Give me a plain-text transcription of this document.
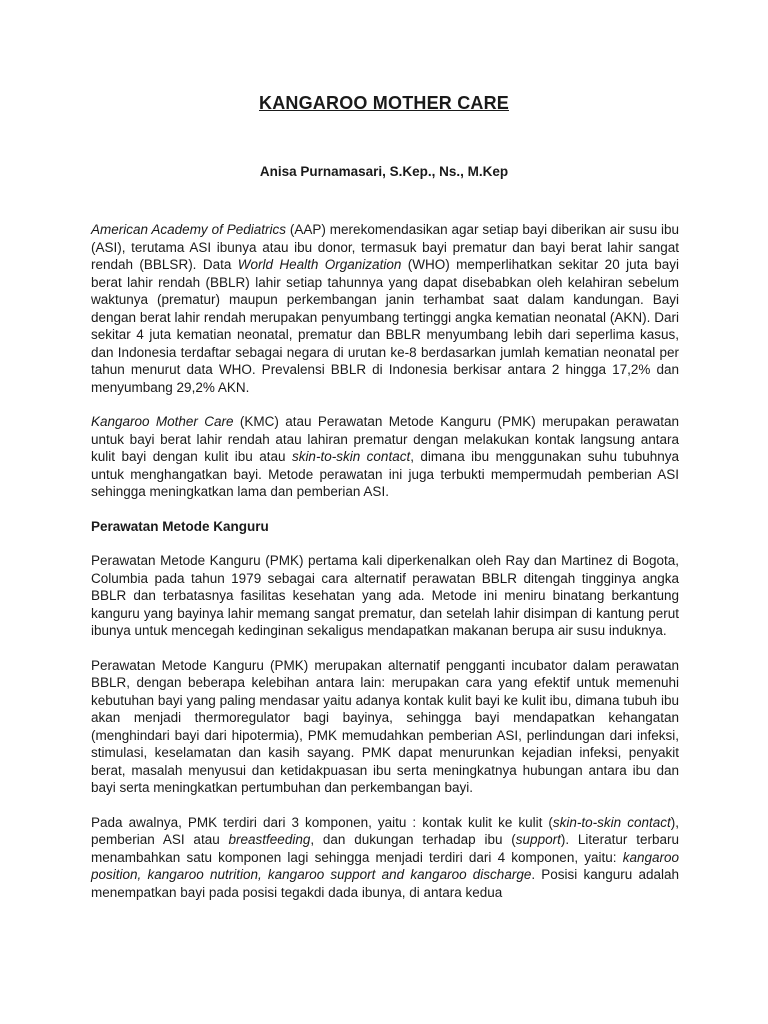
KANGAROO MOTHER CARE
Anisa Purnamasari, S.Kep., Ns., M.Kep

American Academy of Pediatrics (AAP) merekomendasikan agar setiap bayi diberikan air susu ibu (ASI), terutama ASI ibunya atau ibu donor, termasuk bayi prematur dan bayi berat lahir sangat rendah (BBLSR). Data World Health Organization (WHO) memperlihatkan sekitar 20 juta bayi berat lahir rendah (BBLR) lahir setiap tahunnya yang dapat disebabkan oleh kelahiran sebelum waktunya (prematur) maupun perkembangan janin terhambat saat dalam kandungan. Bayi dengan berat lahir rendah merupakan penyumbang tertinggi angka kematian neonatal (AKN). Dari sekitar 4 juta kematian neonatal, prematur dan BBLR menyumbang lebih dari seperlima kasus, dan Indonesia terdaftar sebagai negara di urutan ke-8 berdasarkan jumlah kematian neonatal per tahun menurut data WHO. Prevalensi BBLR di Indonesia berkisar antara 2 hingga 17,2% dan menyumbang 29,2% AKN.

Kangaroo Mother Care (KMC) atau Perawatan Metode Kanguru (PMK) merupakan perawatan untuk bayi berat lahir rendah atau lahiran prematur dengan melakukan kontak langsung antara kulit bayi dengan kulit ibu atau skin-to-skin contact, dimana ibu menggunakan suhu tubuhnya untuk menghangatkan bayi. Metode perawatan ini juga terbukti mempermudah pemberian ASI sehingga meningkatkan lama dan pemberian ASI.

Perawatan Metode Kanguru

Perawatan Metode Kanguru (PMK) pertama kali diperkenalkan oleh Ray dan Martinez di Bogota, Columbia pada tahun 1979 sebagai cara alternatif perawatan BBLR ditengah tingginya angka BBLR dan terbatasnya fasilitas kesehatan yang ada. Metode ini meniru binatang berkantung kanguru yang bayinya lahir memang sangat prematur, dan setelah lahir disimpan di kantung perut ibunya untuk mencegah kedinginan sekaligus mendapatkan makanan berupa air susu induknya.

Perawatan Metode Kanguru (PMK) merupakan alternatif pengganti incubator dalam perawatan BBLR, dengan beberapa kelebihan antara lain: merupakan cara yang efektif untuk memenuhi kebutuhan bayi yang paling mendasar yaitu adanya kontak kulit bayi ke kulit ibu, dimana tubuh ibu akan menjadi thermoregulator bagi bayinya, sehingga bayi mendapatkan kehangatan (menghindari bayi dari hipotermia), PMK memudahkan pemberian ASI, perlindungan dari infeksi, stimulasi, keselamatan dan kasih sayang. PMK dapat menurunkan kejadian infeksi, penyakit berat, masalah menyusui dan ketidakpuasan ibu serta meningkatnya hubungan antara ibu dan bayi serta meningkatkan pertumbuhan dan perkembangan bayi.

Pada awalnya, PMK terdiri dari 3 komponen, yaitu : kontak kulit ke kulit (skin-to-skin contact), pemberian ASI atau breastfeeding, dan dukungan terhadap ibu (support). Literatur terbaru menambahkan satu komponen lagi sehingga menjadi terdiri dari 4 komponen, yaitu: kangaroo position, kangaroo nutrition, kangaroo support and kangaroo discharge. Posisi kanguru adalah menempatkan bayi pada posisi tegakdi dada ibunya, di antara kedua
